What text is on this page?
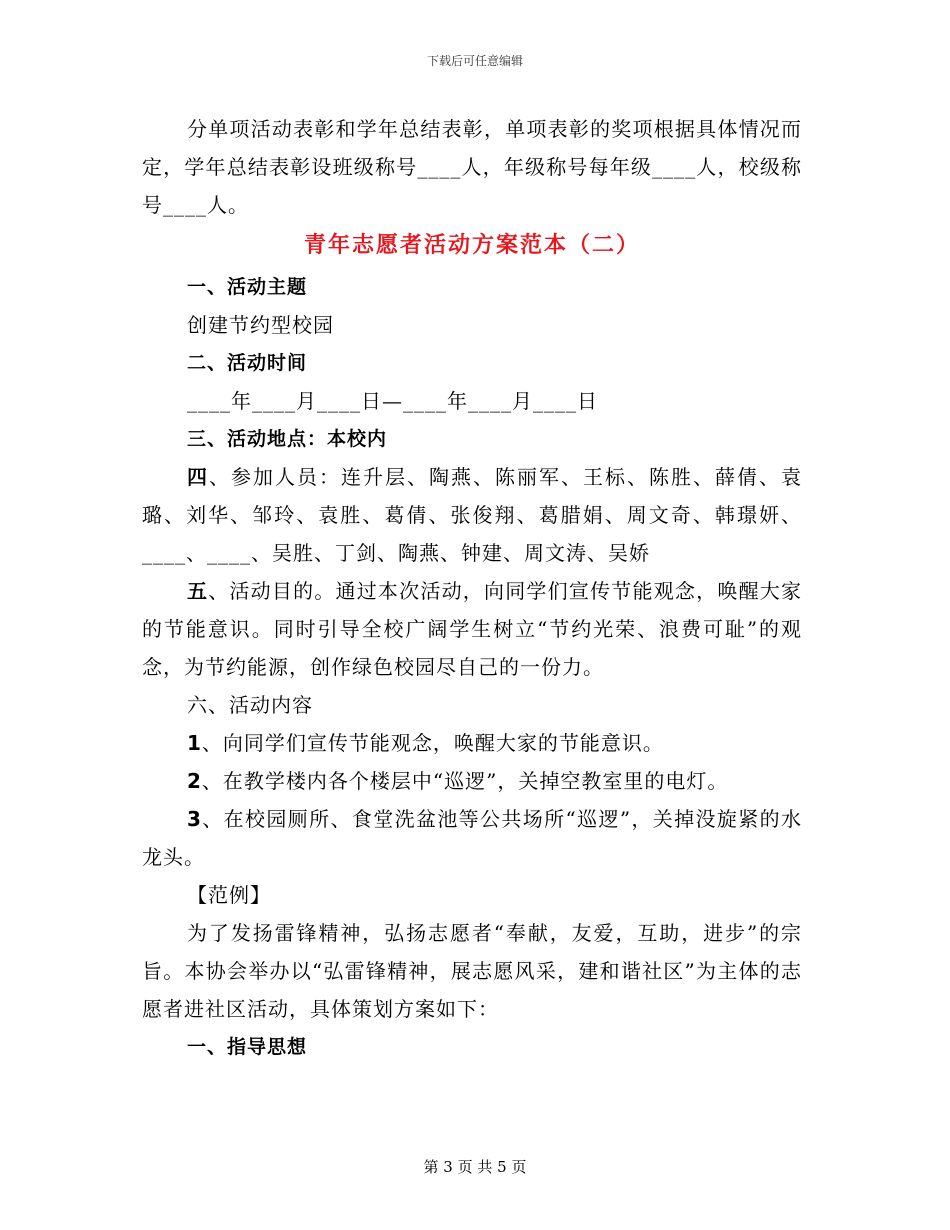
下载后可任意编辑

分单项活动表彰和学年总结表彰，单项表彰的奖项根据具体情况而定，学年总结表彰设班级称号____人，年级称号每年级____人，校级称号____人。

青年志愿者活动方案范本（二）

一、活动主题

创建节约型校园

二、活动时间

____年____月____日—____年____月____日

三、活动地点：本校内

四、参加人员：连升层、陶燕、陈丽军、王标、陈胜、薛倩、袁璐、刘华、邹玲、袁胜、葛倩、张俊翔、葛腊娟、周文奇、韩璟妍、____、____、吴胜、丁剑、陶燕、钟建、周文涛、吴娇

五、活动目的。通过本次活动，向同学们宣传节能观念，唤醒大家的节能意识。同时引导全校广阔学生树立“节约光荣、浪费可耻”的观念，为节约能源，创作绿色校园尽自己的一份力。

六、活动内容

1、向同学们宣传节能观念，唤醒大家的节能意识。

2、在教学楼内各个楼层中“巡逻”，关掉空教室里的电灯。

3、在校园厕所、食堂洗盆池等公共场所“巡逻”，关掉没旋紧的水龙头。

【范例】

为了发扬雷锋精神，弘扬志愿者“奉献，友爱，互助，进步”的宗旨。本协会举办以“弘雷锋精神，展志愿风采，建和谐社区”为主体的志愿者进社区活动，具体策划方案如下：

一、指导思想

第 3 页 共 5 页
